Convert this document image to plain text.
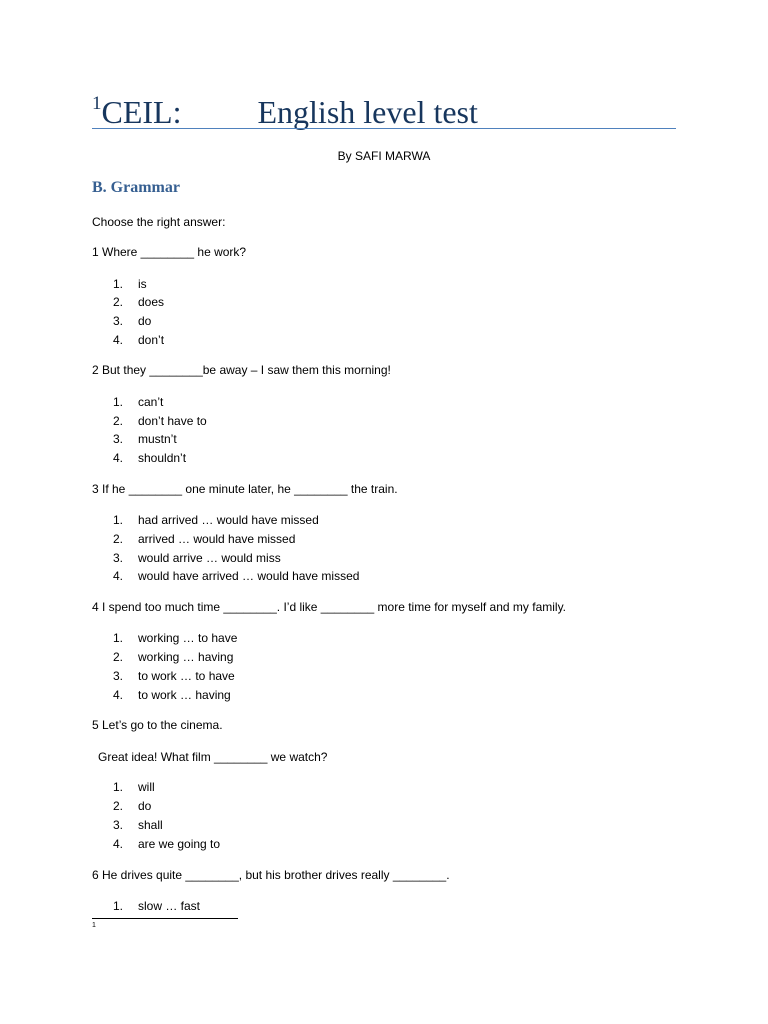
$^1$CEIL: English level test
By SAFI MARWA
B. Grammar
Choose the right answer:
1 Where ________ he work?
1. is
2. does
3. do
4. don’t
2 But they ________be away – I saw them this morning!
1. can’t
2. don’t have to
3. mustn’t
4. shouldn’t
3 If he ________ one minute later, he ________ the train.
1. had arrived … would have missed
2. arrived … would have missed
3. would arrive … would miss
4. would have arrived … would have missed
4 I spend too much time ________. I’d like ________ more time for myself and my family.
1. working … to have
2. working … having
3. to work … to have
4. to work … having
5 Let’s go to the cinema.
Great idea! What film ________ we watch?
1. will
2. do
3. shall
4. are we going to
6 He drives quite ________, but his brother drives really ________.
1. slow … fast
1
